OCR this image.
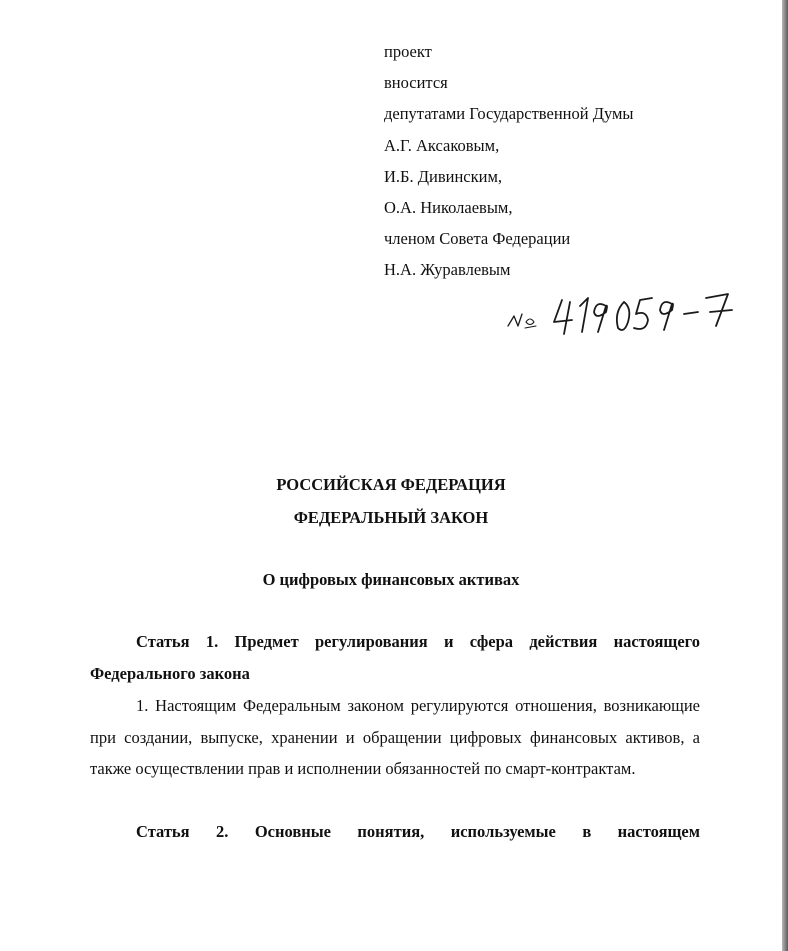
проект
вносится
депутатами Государственной Думы
А.Г. Аксаковым,
И.Б. Дивинским,
О.А. Николаевым,
членом Совета Федерации
Н.А. Журавлевым
РОССИЙСКАЯ ФЕДЕРАЦИЯ
ФЕДЕРАЛЬНЫЙ ЗАКОН
О цифровых финансовых активах
Статья 1. Предмет регулирования и сфера действия настоящего Федерального закона
1. Настоящим Федеральным законом регулируются отношения, возникающие при создании, выпуске, хранении и обращении цифровых финансовых активов, а также осуществлении прав и исполнении обязанностей по смарт-контрактам.
Статья 2. Основные понятия, используемые в настоящем
